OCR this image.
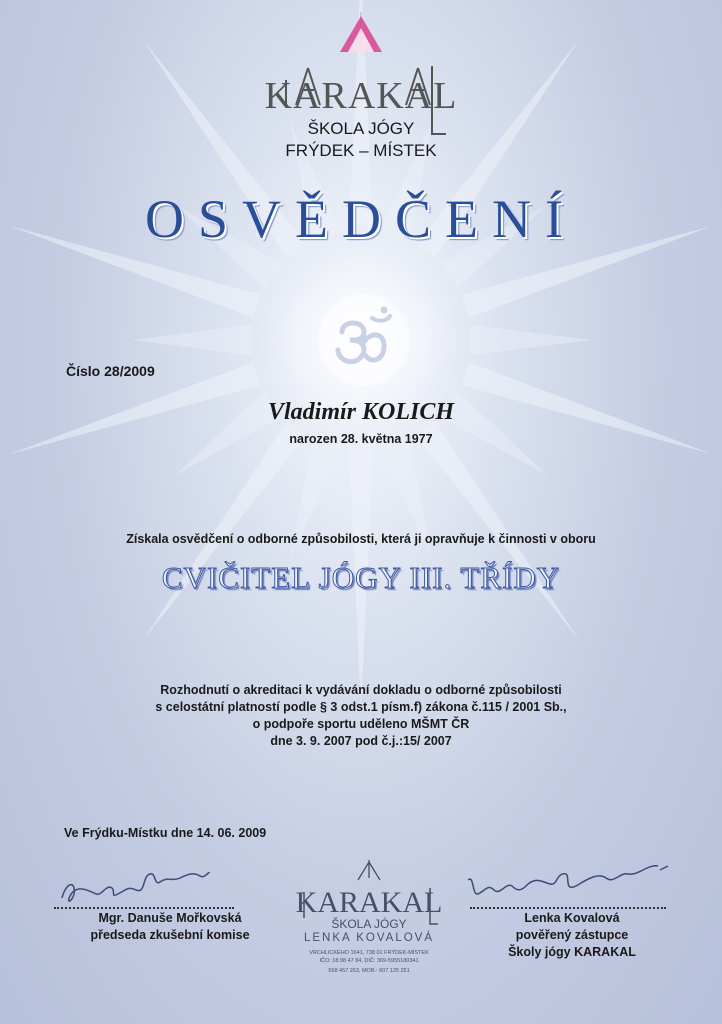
KARAKAL
ŠKOLA JÓGY
FRÝDEK – MÍSTEK
OSVĚDČENÍ
Číslo 28/2009
Vladimír KOLICH
narozen 28. května 1977
Získala osvědčení o odborné způsobilosti, která ji opravňuje k činnosti v oboru
CVIČITEL JÓGY III. TŘÍDY
Rozhodnutí o akreditaci k vydávání dokladu o odborné způsobilosti
s celostátní platností podle § 3 odst.1 písm.f) zákona č.115 / 2001 Sb.,
o podpoře sportu uděleno MŠMT ČR
dne 3. 9. 2007 pod č.j.:15/ 2007
Ve Frýdku-Místku dne 14. 06. 2009
Mgr. Danuše Mořkovská
předseda zkušební komise
Lenka Kovalová
pověřený zástupce
Školy jógy KARAKAL
KARAKAL
ŠKOLA JÓGY
LENKA KOVALOVÁ
VRCHLICKÉHO 1641, 738 01 FRÝDEK-MÍSTEK
IČO: 18 98 47 84, DIČ: 369-5955180341
558 457 263, MOB.: 607 125 251
